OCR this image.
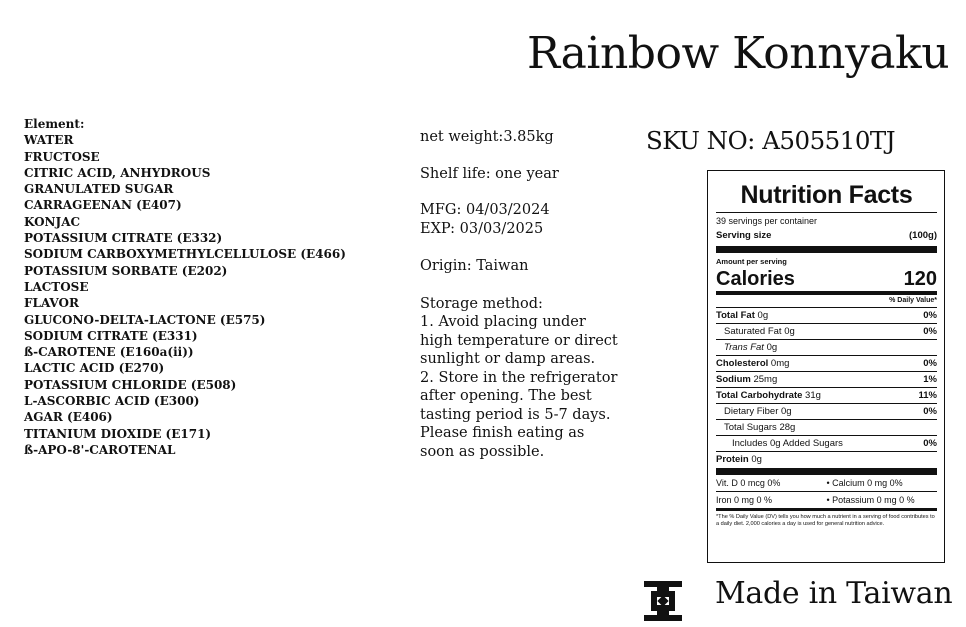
Rainbow Konnyaku
Element:
WATER
FRUCTOSE
CITRIC ACID, ANHYDROUS
GRANULATED SUGAR
CARRAGEENAN (E407)
KONJAC
POTASSIUM CITRATE (E332)
SODIUM CARBOXYMETHYLCELLULOSE (E466)
POTASSIUM SORBATE (E202)
LACTOSE
FLAVOR
GLUCONO-DELTA-LACTONE (E575)
SODIUM CITRATE (E331)
ß-CAROTENE (E160a(ii))
LACTIC ACID (E270)
POTASSIUM CHLORIDE (E508)
L-ASCORBIC ACID (E300)
AGAR (E406)
TITANIUM DIOXIDE (E171)
ß-APO-8'-CAROTENAL
net weight:3.85kg
Shelf life: one year
MFG: 04/03/2024
EXP: 03/03/2025
Origin: Taiwan
Storage method:
1. Avoid placing under
high temperature or direct
sunlight or damp areas.
2. Store in the refrigerator
after opening. The best
tasting period is 5-7 days.
Please finish eating as
soon as possible.
SKU NO: A505510TJ
Nutrition Facts
39 servings per container
Serving size	(100g)
Amount per serving
Calories	120
% Daily Value*
Total Fat 0g	0%
Saturated Fat 0g	0%
Trans Fat 0g
Cholesterol 0mg	0%
Sodium 25mg	1%
Total Carbohydrate 31g	11%
Dietary Fiber 0g	0%
Total Sugars 28g
Includes 0g Added Sugars	0%
Protein 0g
Vit. D 0 mcg 0%	• Calcium 0 mg 0%
Iron 0 mg 0 %	• Potassium 0 mg 0 %
*The % Daily Value (DV) tells you how much a nutrient in a serving of food contributes to a daily diet. 2,000 calories a day is used for general nutrition advice.
Made in Taiwan
